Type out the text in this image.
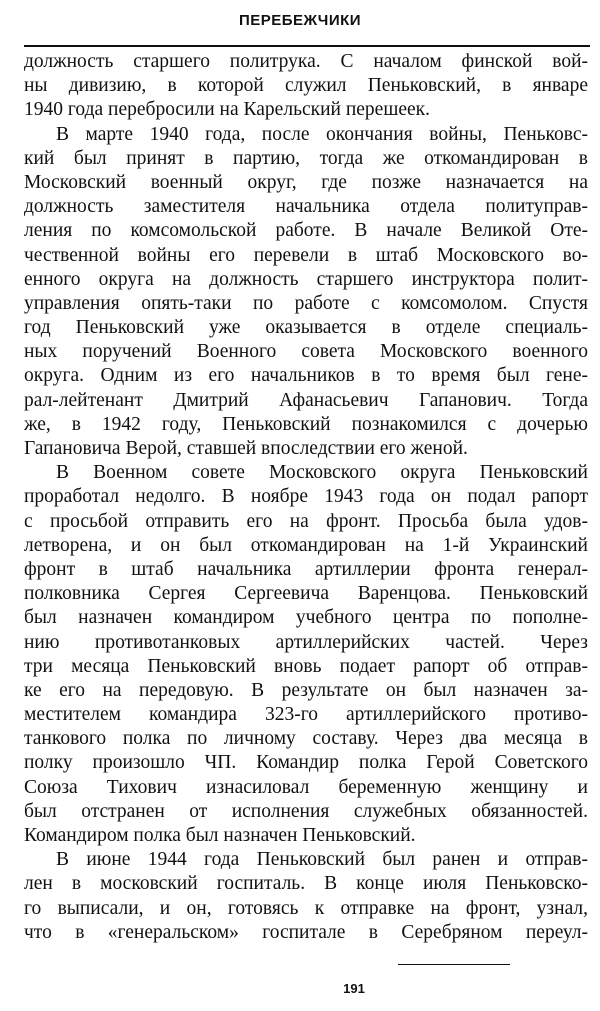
ПЕРЕБЕЖЧИКИ
должность старшего политрука. С началом финской вой-
ны дивизию, в которой служил Пеньковский, в январе
1940 года перебросили на Карельский перешеек.
В марте 1940 года, после окончания войны, Пеньковс-
кий был принят в партию, тогда же откомандирован в
Московский военный округ, где позже назначается на
должность заместителя начальника отдела политуправ-
ления по комсомольской работе. В начале Великой Оте-
чественной войны его перевели в штаб Московского во-
енного округа на должность старшего инструктора полит-
управления опять-таки по работе с комсомолом. Спустя
год Пеньковский уже оказывается в отделе специаль-
ных поручений Военного совета Московского военного
округа. Одним из его начальников в то время был гене-
рал-лейтенант Дмитрий Афанасьевич Гапанович. Тогда
же, в 1942 году, Пеньковский познакомился с дочерью
Гапановича Верой, ставшей впоследствии его женой.
В Военном совете Московского округа Пеньковский
проработал недолго. В ноябре 1943 года он подал рапорт
с просьбой отправить его на фронт. Просьба была удов-
летворена, и он был откомандирован на 1-й Украинский
фронт в штаб начальника артиллерии фронта генерал-
полковника Сергея Сергеевича Варенцова. Пеньковский
был назначен командиром учебного центра по пополне-
нию противотанковых артиллерийских частей. Через
три месяца Пеньковский вновь подает рапорт об отправ-
ке его на передовую. В результате он был назначен за-
местителем командира 323-го артиллерийского противо-
танкового полка по личному составу. Через два месяца в
полку произошло ЧП. Командир полка Герой Советского
Союза Тихович изнасиловал беременную женщину и
был отстранен от исполнения служебных обязанностей.
Командиром полка был назначен Пеньковский.
В июне 1944 года Пеньковский был ранен и отправ-
лен в московский госпиталь. В конце июля Пеньковско-
го выписали, и он, готовясь к отправке на фронт, узнал,
что в «генеральском» госпитале в Серебряном переул-
191
